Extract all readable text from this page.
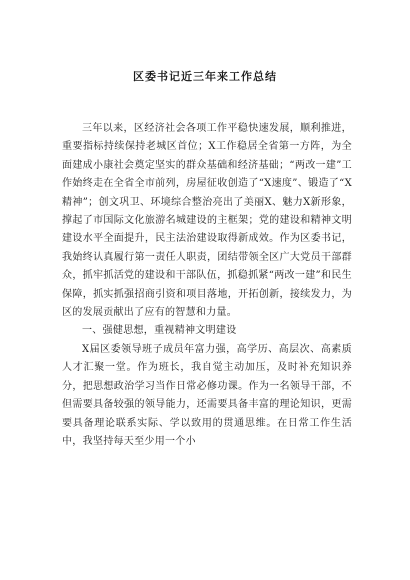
区委书记近三年来工作总结

三年以来，区经济社会各项工作平稳快速发展，顺利推进，重要指标持续保持老城区首位；X工作稳居全省第一方阵，为全面建成小康社会奠定坚实的群众基础和经济基础；“两改一建”工作始终走在全省全市前列，房屋征收创造了“X速度”、锻造了“X精神”；创文巩卫、环境综合整治亮出了美丽X、魅力X新形象，撑起了市国际文化旅游名城建设的主框架；党的建设和精神文明建设水平全面提升，民主法治建设取得新成效。作为区委书记，我始终认真履行第一责任人职责，团结带领全区广大党员干部群众，抓牢抓活党的建设和干部队伍，抓稳抓紧“两改一建”和民生保障，抓实抓强招商引资和项目落地，开拓创新，接续发力，为区的发展贡献出了应有的智慧和力量。

一、强健思想，重视精神文明建设

X届区委领导班子成员年富力强，高学历、高层次、高素质人才汇聚一堂。作为班长，我自觉主动加压，及时补充知识养分，把思想政治学习当作日常必修功课。作为一名领导干部，不但需要具备较强的领导能力，还需要具备丰富的理论知识，更需要具备理论联系实际、学以致用的贯通思维。在日常工作生活中，我坚持每天至少用一个小
